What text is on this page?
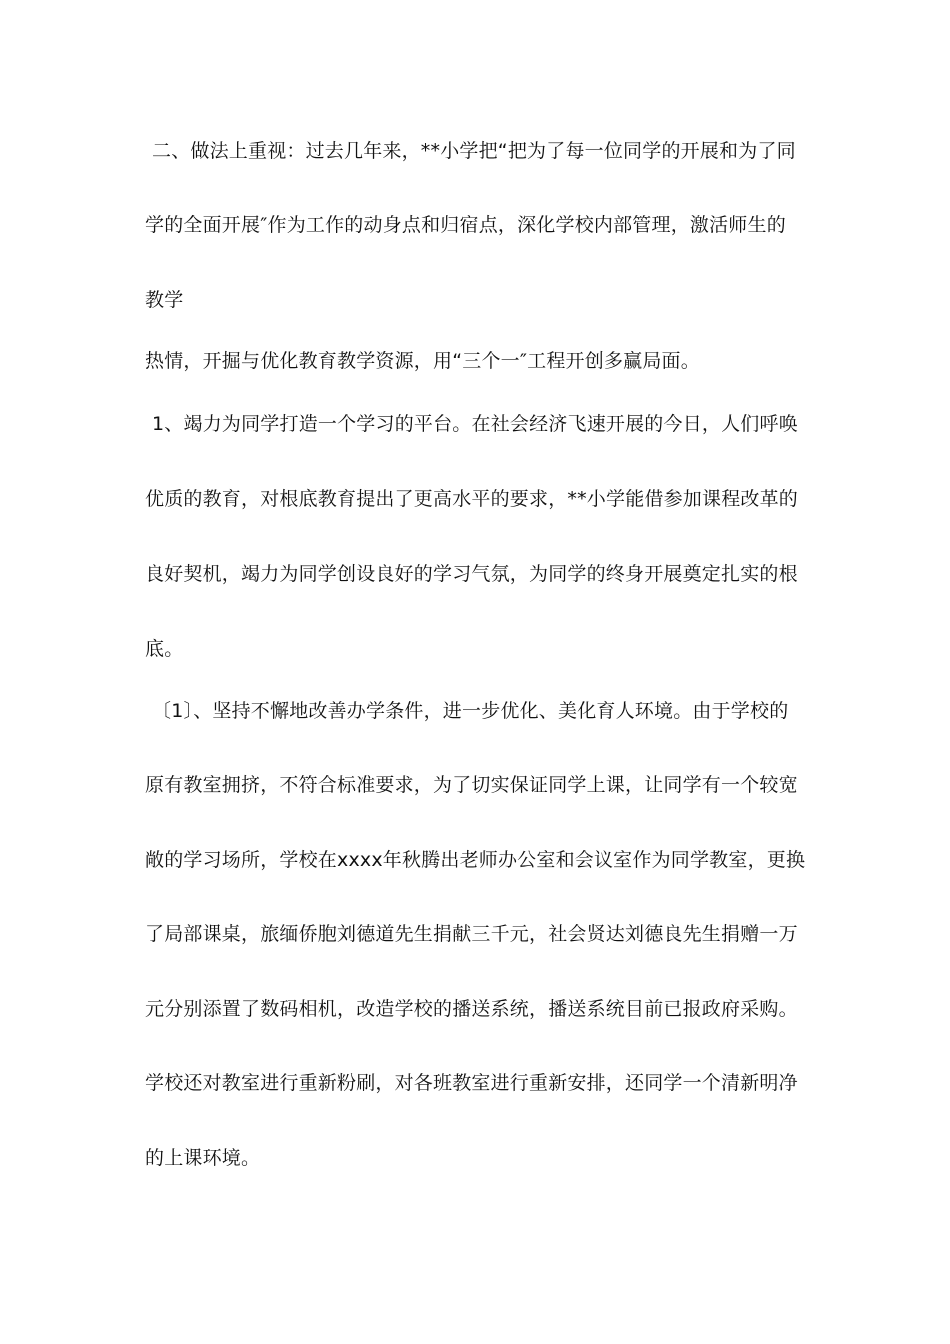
二、做法上重视：过去几年来，**小学把“把为了每一位同学的开展和为了同
学的全面开展″作为工作的动身点和归宿点，深化学校内部管理，激活师生的
教学
热情，开掘与优化教育教学资源，用“三个一″工程开创多赢局面。
1、竭力为同学打造一个学习的平台。在社会经济飞速开展的今日，人们呼唤
优质的教育，对根底教育提出了更高水平的要求，**小学能借参加课程改革的
良好契机，竭力为同学创设良好的学习气氛，为同学的终身开展奠定扎实的根
底。
〔1〕、坚持不懈地改善办学条件，进一步优化、美化育人环境。由于学校的
原有教室拥挤，不符合标准要求，为了切实保证同学上课，让同学有一个较宽
敞的学习场所，学校在xxxx年秋腾出老师办公室和会议室作为同学教室，更换
了局部课桌，旅缅侨胞刘德道先生捐献三千元，社会贤达刘德良先生捐赠一万
元分别添置了数码相机，改造学校的播送系统，播送系统目前已报政府采购。
学校还对教室进行重新粉刷，对各班教室进行重新安排，还同学一个清新明净
的上课环境。
